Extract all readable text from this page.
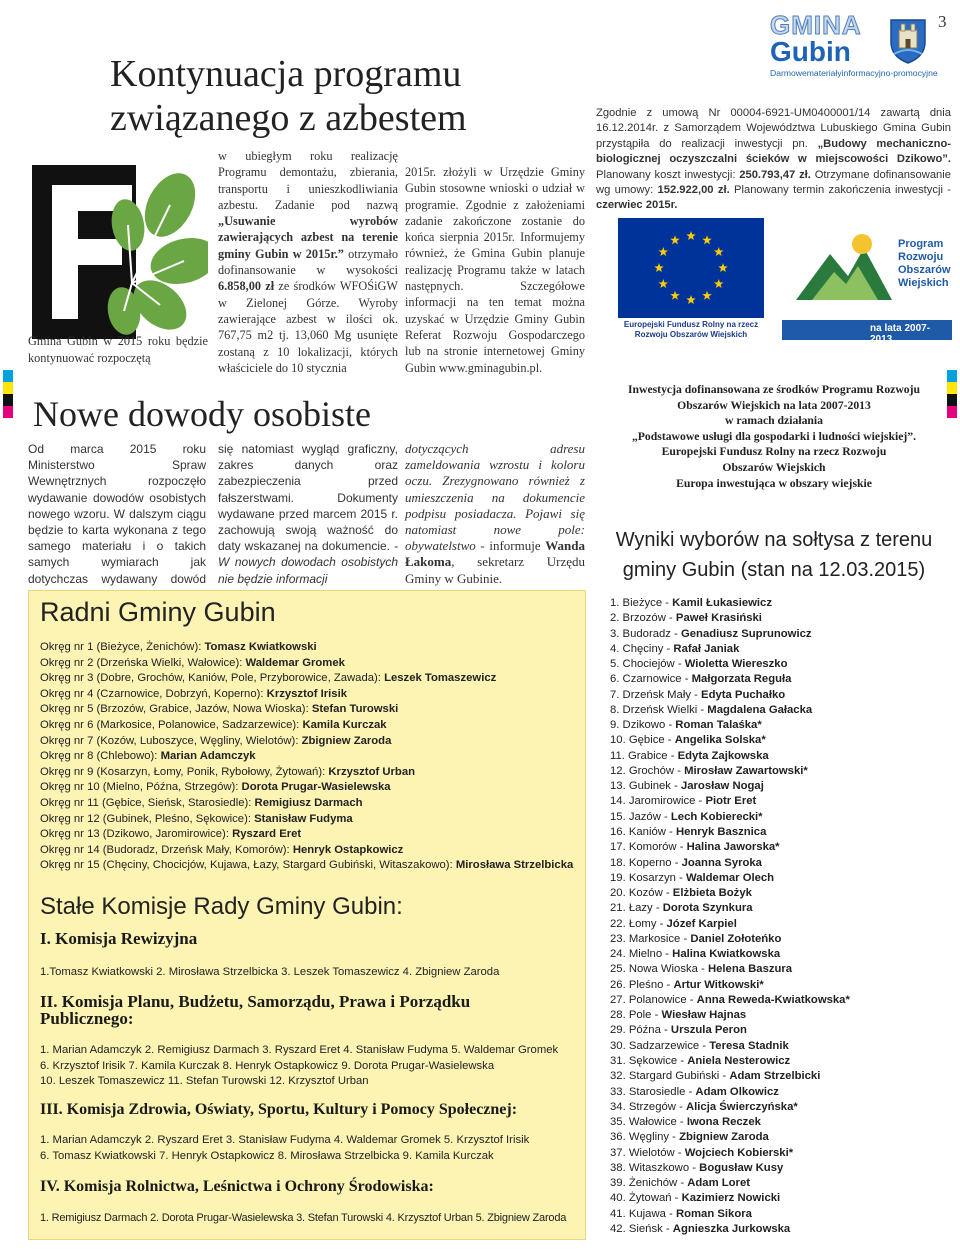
3
GMINA
Gubin
Darmowemateriałyinformacyjno-promocyjne
Kontynuacja programu
związanego z azbestem

Gmina Gubin w 2015 roku będzie kontynuować rozpoczętą

w ubiegłym roku realizację Programu demontażu, zbierania, transportu i unieszkodliwiania azbestu. Zadanie pod nazwą „Usuwanie wyrobów zawierających azbest na terenie gminy Gubin w 2015r.” otrzymało dofinansowanie w wysokości 6.858,00 zł ze środków WFOŚiGW w Zielonej Górze. Wyroby zawierające azbest w ilości ok. 767,75 m2 tj. 13,060 Mg usunięte zostaną z 10 lokalizacji, których właściciele do 10 stycznia

2015r. złożyli w Urzędzie Gminy Gubin stosowne wnioski o udział w programie. Zgodnie z założeniami zadanie zakończone zostanie do końca sierpnia 2015r. Informujemy również, że Gmina Gubin planuje realizację Programu także w latach następnych. Szczegółowe informacji na ten temat można uzyskać w Urzędzie Gminy Gubin Referat Rozwoju Gospodarczego lub na stronie internetowej Gminy Gubin www.gminagubin.pl.

Zgodnie z umową Nr 00004-6921-UM0400001/14 zawartą dnia 16.12.2014r. z Samorządem Województwa Lubuskiego Gmina Gubin przystąpiła do realizacji inwestycji pn. „Budowy mechaniczno-biologicznej oczyszczalni ścieków w miejscowości Dzikowo”. Planowany koszt inwestycji: 250.793,47 zł. Otrzymane dofinansowanie wg umowy: 152.922,00 zł. Planowany termin zakończenia inwestycji - czerwiec 2015r.

Europejski Fundusz Rolny na rzecz Rozwoju Obszarów Wiejskich
Program
Rozwoju
Obszarów
Wiejskich
na lata 2007-2013
Inwestycja dofinansowana ze środków Programu Rozwoju
Obszarów Wiejskich na lata 2007-2013
w ramach działania
„Podstawowe usługi dla gospodarki i ludności wiejskiej”.
Europejski Fundusz Rolny na rzecz Rozwoju
Obszarów Wiejskich
Europa inwestująca w obszary wiejskie
Nowe dowody osobiste

Od marca 2015 roku Ministerstwo Spraw Wewnętrznych rozpoczęło wydawanie dowodów osobistych nowego wzoru. W dalszym ciągu będzie to karta wykonana z tego samego materiału i o takich samych wymiarach jak dotychczas wydawany dowód

się natomiast wygląd graficzny, zakres danych oraz zabezpieczenia przed fałszerstwami. Dokumenty wydawane przed marcem 2015 r. zachowują swoją ważność do daty wskazanej na dokumencie. - W nowych dowodach osobistych nie będzie informacji

dotyczących adresu zameldowania wzrostu i koloru oczu. Zrezygnowano również z umieszczenia na dokumencie podpisu posiadacza. Pojawi się natomiast nowe pole: obywatelstwo - informuje Wanda Łakoma, sekretarz Urzędu Gminy w Gubinie.

Radni Gminy Gubin
Okręg nr 1 (Bieżyce, Żenichów): Tomasz Kwiatkowski
Okręg nr 2 (Drzeńska Wielki, Wałowice): Waldemar Gromek
Okręg nr 3 (Dobre, Grochów, Kaniów, Pole, Przyborowice, Zawada): Leszek Tomaszewicz
Okręg nr 4 (Czarnowice, Dobrzyń, Koperno): Krzysztof Irisik
Okręg nr 5 (Brzozów, Grabice, Jazów, Nowa Wioska): Stefan Turowski
Okręg nr 6 (Markosice, Polanowice, Sadzarzewice): Kamila Kurczak
Okręg nr 7 (Kozów, Luboszyce, Węgliny, Wielotów): Zbigniew Zaroda
Okręg nr 8 (Chlebowo): Marian Adamczyk
Okręg nr 9 (Kosarzyn, Łomy, Ponik, Rybołowy, Żytowań): Krzysztof Urban
Okręg nr 10 (Mielno, Późna, Strzegów): Dorota Prugar-Wasielewska
Okręg nr 11 (Gębice, Sieńsk, Starosiedle): Remigiusz Darmach
Okręg nr 12 (Gubinek, Pleśno, Sękowice): Stanisław Fudyma
Okręg nr 13 (Dzikowo, Jaromirowice): Ryszard Eret
Okręg nr 14 (Budoradz, Drzeńsk Mały, Komorów): Henryk Ostapkowicz
Okręg nr 15 (Chęciny, Chocicjów, Kujawa, Łazy, Stargard Gubiński, Witaszakowo): Mirosława Strzelbicka
Stałe Komisje Rady Gminy Gubin:
I. Komisja Rewizyjna
1.Tomasz Kwiatkowski 2. Mirosława Strzelbicka 3. Leszek Tomaszewicz 4. Zbigniew Zaroda
II. Komisja Planu, Budżetu, Samorządu, Prawa i Porządku Publicznego:
1. Marian Adamczyk 2. Remigiusz Darmach 3. Ryszard Eret 4. Stanisław Fudyma 5. Waldemar Gromek
6. Krzysztof Irisik 7. Kamila Kurczak 8. Henryk Ostapkowicz 9. Dorota Prugar-Wasielewska
10. Leszek Tomaszewicz 11. Stefan Turowski 12. Krzysztof Urban
III. Komisja Zdrowia, Oświaty, Sportu, Kultury i Pomocy Społecznej:
1. Marian Adamczyk 2. Ryszard Eret 3. Stanisław Fudyma 4. Waldemar Gromek 5. Krzysztof Irisik
6. Tomasz Kwiatkowski 7. Henryk Ostapkowicz 8. Mirosława Strzelbicka 9. Kamila Kurczak
IV. Komisja Rolnictwa, Leśnictwa i Ochrony Środowiska:
1. Remigiusz Darmach 2. Dorota Prugar-Wasielewska 3. Stefan Turowski 4. Krzysztof Urban 5. Zbigniew Zaroda
Wyniki wyborów na sołtysa z terenu
gminy Gubin (stan na 12.03.2015)
1. Bieżyce - Kamil Łukasiewicz
2. Brzozów - Paweł Krasiński
3. Budoradz - Genadiusz Suprunowicz
4. Chęciny - Rafał Janiak
5. Chociejów - Wioletta Wiereszko
6. Czarnowice - Małgorzata Reguła
7. Drzeńsk Mały - Edyta Puchałko
8. Drzeńsk Wielki - Magdalena Gałacka
9. Dzikowo - Roman Talaśka*
10. Gębice - Angelika Solska*
11. Grabice - Edyta Zajkowska
12. Grochów - Mirosław Zawartowski*
13. Gubinek - Jarosław Nogaj
14. Jaromirowice - Piotr Eret
15. Jazów - Lech Kobierecki*
16. Kaniów - Henryk Basznica
17. Komorów - Halina Jaworska*
18. Koperno - Joanna Syroka
19. Kosarzyn - Waldemar Olech
20. Kozów - Elżbieta Bożyk
21. Łazy - Dorota Szynkura
22. Łomy - Józef Karpiel
23. Markosice - Daniel Zołoteńko
24. Mielno - Halina Kwiatkowska
25. Nowa Wioska - Helena Baszura
26. Pleśno - Artur Witkowski*
27. Polanowice - Anna Reweda-Kwiatkowska*
28. Pole - Wiesław Hajnas
29. Późna - Urszula Peron
30. Sadzarzewice - Teresa Stadnik
31. Sękowice - Aniela Nesterowicz
32. Stargard Gubiński - Adam Strzelbicki
33. Starosiedle - Adam Olkowicz
34. Strzegów - Alicja Świerczyńska*
35. Wałowice - Iwona Reczek
36. Węgliny - Zbigniew Zaroda
37. Wielotów - Wojciech Kobierski*
38. Witaszkowo - Bogusław Kusy
39. Żenichów - Adam Loret
40. Żytowań - Kazimierz Nowicki
41. Kujawa - Roman Sikora
42. Sieńsk - Agnieszka Jurkowska
